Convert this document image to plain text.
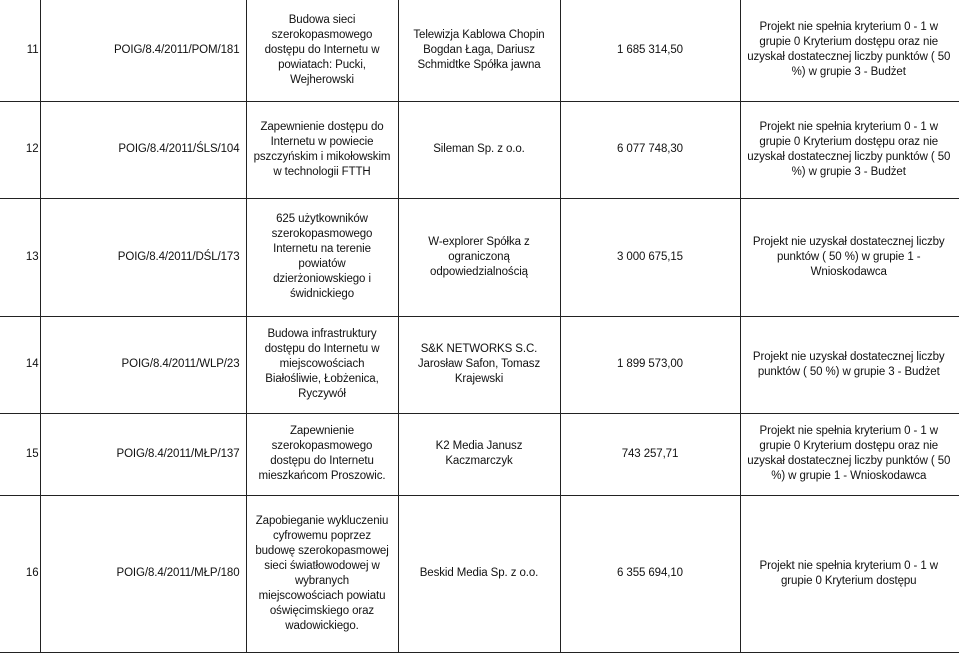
11	POIG/8.4/2011/POM/181	Budowa sieci szerokopasmowego dostępu do Internetu w powiatach: Pucki, Wejherowski	Telewizja Kablowa Chopin Bogdan Łaga, Dariusz Schmidtke Spółka jawna	1 685 314,50	Projekt nie spełnia kryterium 0 - 1 w grupie 0 Kryterium dostępu oraz nie uzyskał dostatecznej liczby punktów ( 50 %) w grupie 3 - Budżet
12	POIG/8.4/2011/ŚLS/104	Zapewnienie dostępu do Internetu w powiecie pszczyńskim i mikołowskim w technologii FTTH	Sileman Sp. z o.o.	6 077 748,30	Projekt nie spełnia kryterium 0 - 1 w grupie 0 Kryterium dostępu oraz nie uzyskał dostatecznej liczby punktów ( 50 %) w grupie 3 - Budżet
13	POIG/8.4/2011/DŚL/173	625 użytkowników szerokopasmowego Internetu na terenie powiatów dzierżoniowskiego i świdnickiego	W-explorer Spółka z ograniczoną odpowiedzialnością	3 000 675,15	Projekt nie uzyskał dostatecznej liczby punktów ( 50 %) w grupie 1 - Wnioskodawca
14	POIG/8.4/2011/WLP/23	Budowa infrastruktury dostępu do Internetu w miejscowościach Białośliwie, Łobżenica, Ryczywół	S&K NETWORKS S.C. Jarosław Safon, Tomasz Krajewski	1 899 573,00	Projekt nie uzyskał dostatecznej liczby punktów ( 50 %) w grupie 3 - Budżet
15	POIG/8.4/2011/MŁP/137	Zapewnienie szerokopasmowego dostępu do Internetu mieszkańcom Proszowic.	K2 Media Janusz Kaczmarczyk	743 257,71	Projekt nie spełnia kryterium 0 - 1 w grupie 0 Kryterium dostępu oraz nie uzyskał dostatecznej liczby punktów ( 50 %) w grupie 1 - Wnioskodawca
16	POIG/8.4/2011/MŁP/180	Zapobieganie wykluczeniu cyfrowemu poprzez budowę szerokopasmowej sieci światłowodowej w wybranych miejscowościach powiatu oświęcimskiego oraz wadowickiego.	Beskid Media Sp. z o.o.	6 355 694,10	Projekt nie spełnia kryterium 0 - 1 w grupie 0 Kryterium dostępu
